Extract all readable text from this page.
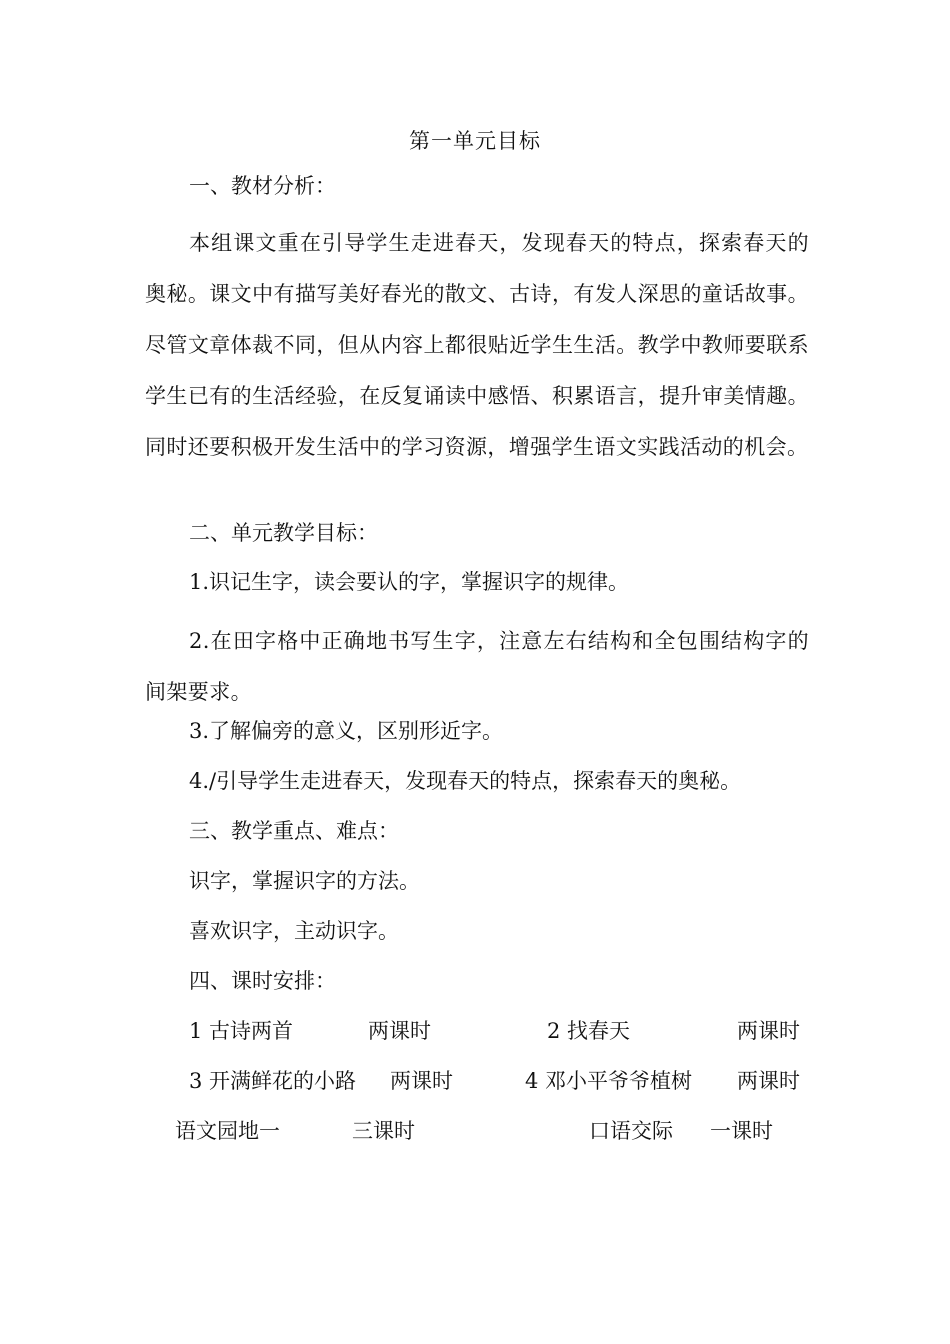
第一单元目标
一、教材分析：
本组课文重在引导学生走进春天，发现春天的特点，探索春天的奥秘。课文中有描写美好春光的散文、古诗，有发人深思的童话故事。尽管文章体裁不同，但从内容上都很贴近学生生活。教学中教师要联系学生已有的生活经验，在反复诵读中感悟、积累语言，提升审美情趣。同时还要积极开发生活中的学习资源，增强学生语文实践活动的机会。
二、单元教学目标：
1.识记生字，读会要认的字，掌握识字的规律。
2.在田字格中正确地书写生字，注意左右结构和全包围结构字的间架要求。
3.了解偏旁的意义，区别形近字。
4./引导学生走进春天，发现春天的特点，探索春天的奥秘。
三、教学重点、难点：
识字，掌握识字的方法。
喜欢识字，主动识字。
四、课时安排：
1 古诗两首	两课时	2 找春天	两课时
3 开满鲜花的小路 两课时	4 邓小平爷爷植树 两课时
语文园地一	三课时	口语交际 一课时
